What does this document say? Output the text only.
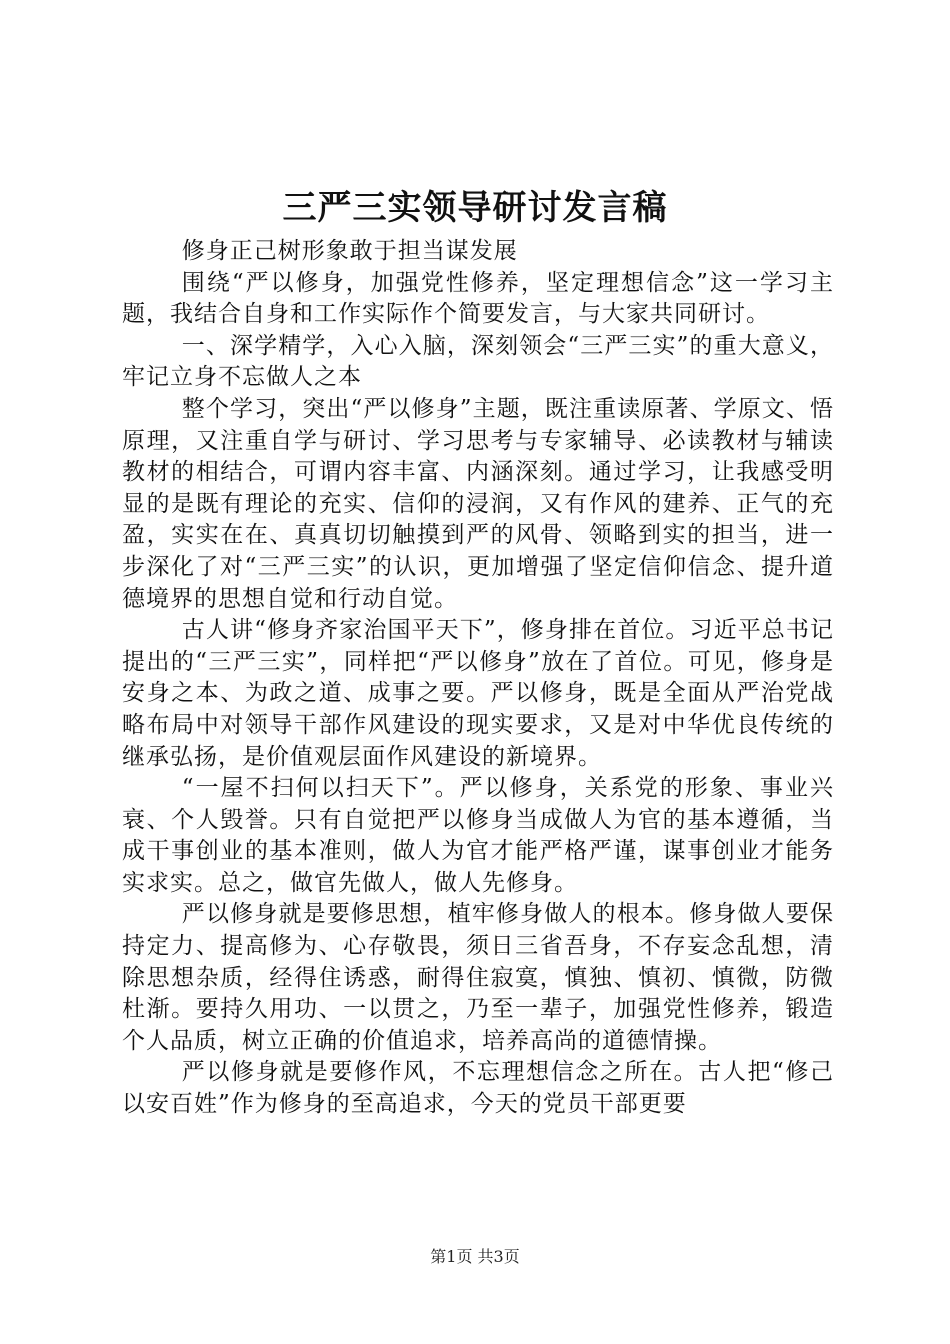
三严三实领导研讨发言稿

修身正己树形象敢于担当谋发展

围绕“严以修身，加强党性修养，坚定理想信念”这一学习主题，我结合自身和工作实际作个简要发言，与大家共同研讨。

一、深学精学，入心入脑，深刻领会“三严三实”的重大意义，牢记立身不忘做人之本

整个学习，突出“严以修身”主题，既注重读原著、学原文、悟原理，又注重自学与研讨、学习思考与专家辅导、必读教材与辅读教材的相结合，可谓内容丰富、内涵深刻。通过学习，让我感受明显的是既有理论的充实、信仰的浸润，又有作风的建养、正气的充盈，实实在在、真真切切触摸到严的风骨、领略到实的担当，进一步深化了对“三严三实”的认识，更加增强了坚定信仰信念、提升道德境界的思想自觉和行动自觉。

古人讲“修身齐家治国平天下”，修身排在首位。习近平总书记提出的“三严三实”，同样把“严以修身”放在了首位。可见，修身是安身之本、为政之道、成事之要。严以修身，既是全面从严治党战略布局中对领导干部作风建设的现实要求，又是对中华优良传统的继承弘扬，是价值观层面作风建设的新境界。

“一屋不扫何以扫天下”。严以修身，关系党的形象、事业兴衰、个人毁誉。只有自觉把严以修身当成做人为官的基本遵循，当成干事创业的基本准则，做人为官才能严格严谨，谋事创业才能务实求实。总之，做官先做人，做人先修身。

严以修身就是要修思想，植牢修身做人的根本。修身做人要保持定力、提高修为、心存敬畏，须日三省吾身，不存妄念乱想，清除思想杂质，经得住诱惑，耐得住寂寞，慎独、慎初、慎微，防微杜渐。要持久用功、一以贯之，乃至一辈子，加强党性修养，锻造个人品质，树立正确的价值追求，培养高尚的道德情操。

严以修身就是要修作风，不忘理想信念之所在。古人把“修己以安百姓”作为修身的至高追求，今天的党员干部更要

第1页 共3页
